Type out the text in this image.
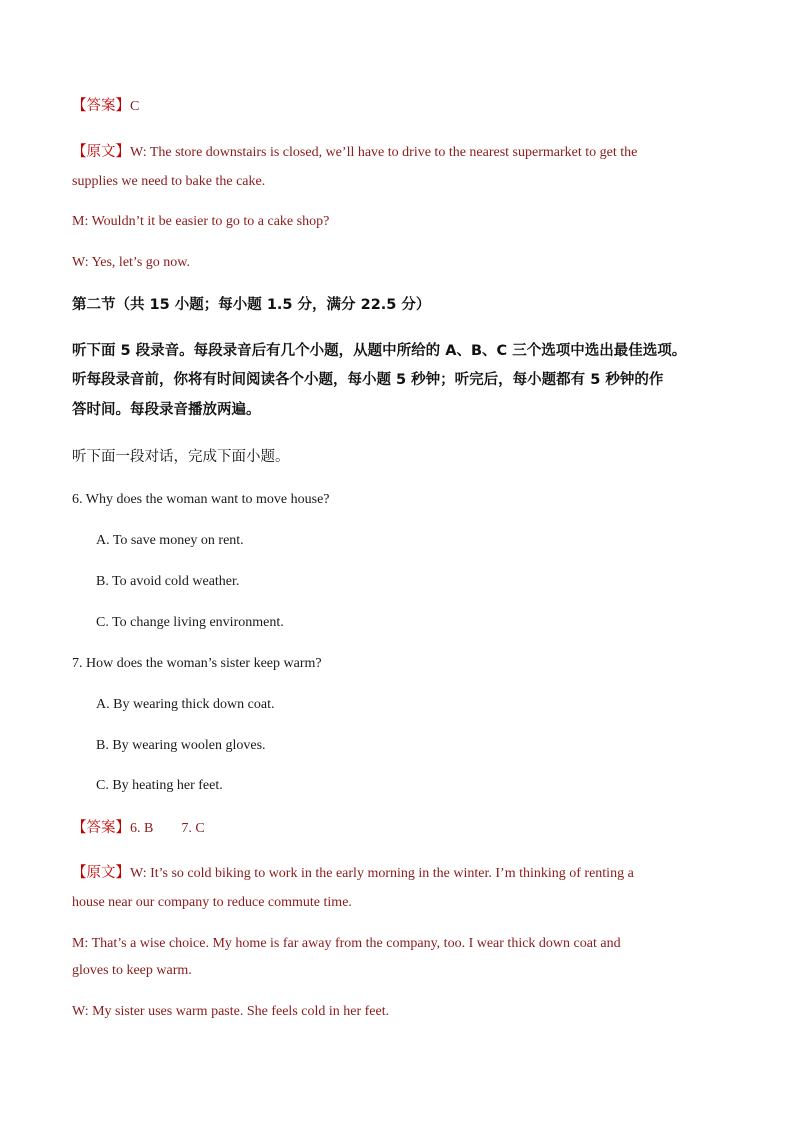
【答案】C
【原文】W: The store downstairs is closed, we’ll have to drive to the nearest supermarket to get the
supplies we need to bake the cake.
M: Wouldn’t it be easier to go to a cake shop?
W: Yes, let’s go now.
第二节（共 15 小题；每小题 1.5 分，满分 22.5 分）
听下面 5 段录音。每段录音后有几个小题，从题中所给的 A、B、C 三个选项中选出最佳选项。
听每段录音前，你将有时间阅读各个小题，每小题 5 秒钟；听完后，每小题都有 5 秒钟的作
答时间。每段录音播放两遍。
听下面一段对话，完成下面小题。
6. Why does the woman want to move house?
A. To save money on rent.
B. To avoid cold weather.
C. To change living environment.
7. How does the woman’s sister keep warm?
A. By wearing thick down coat.
B. By wearing woolen gloves.
C. By heating her feet.
【答案】6. B 7. C
【原文】W: It’s so cold biking to work in the early morning in the winter. I’m thinking of renting a
house near our company to reduce commute time.
M: That’s a wise choice. My home is far away from the company, too. I wear thick down coat and
gloves to keep warm.
W: My sister uses warm paste. She feels cold in her feet.
